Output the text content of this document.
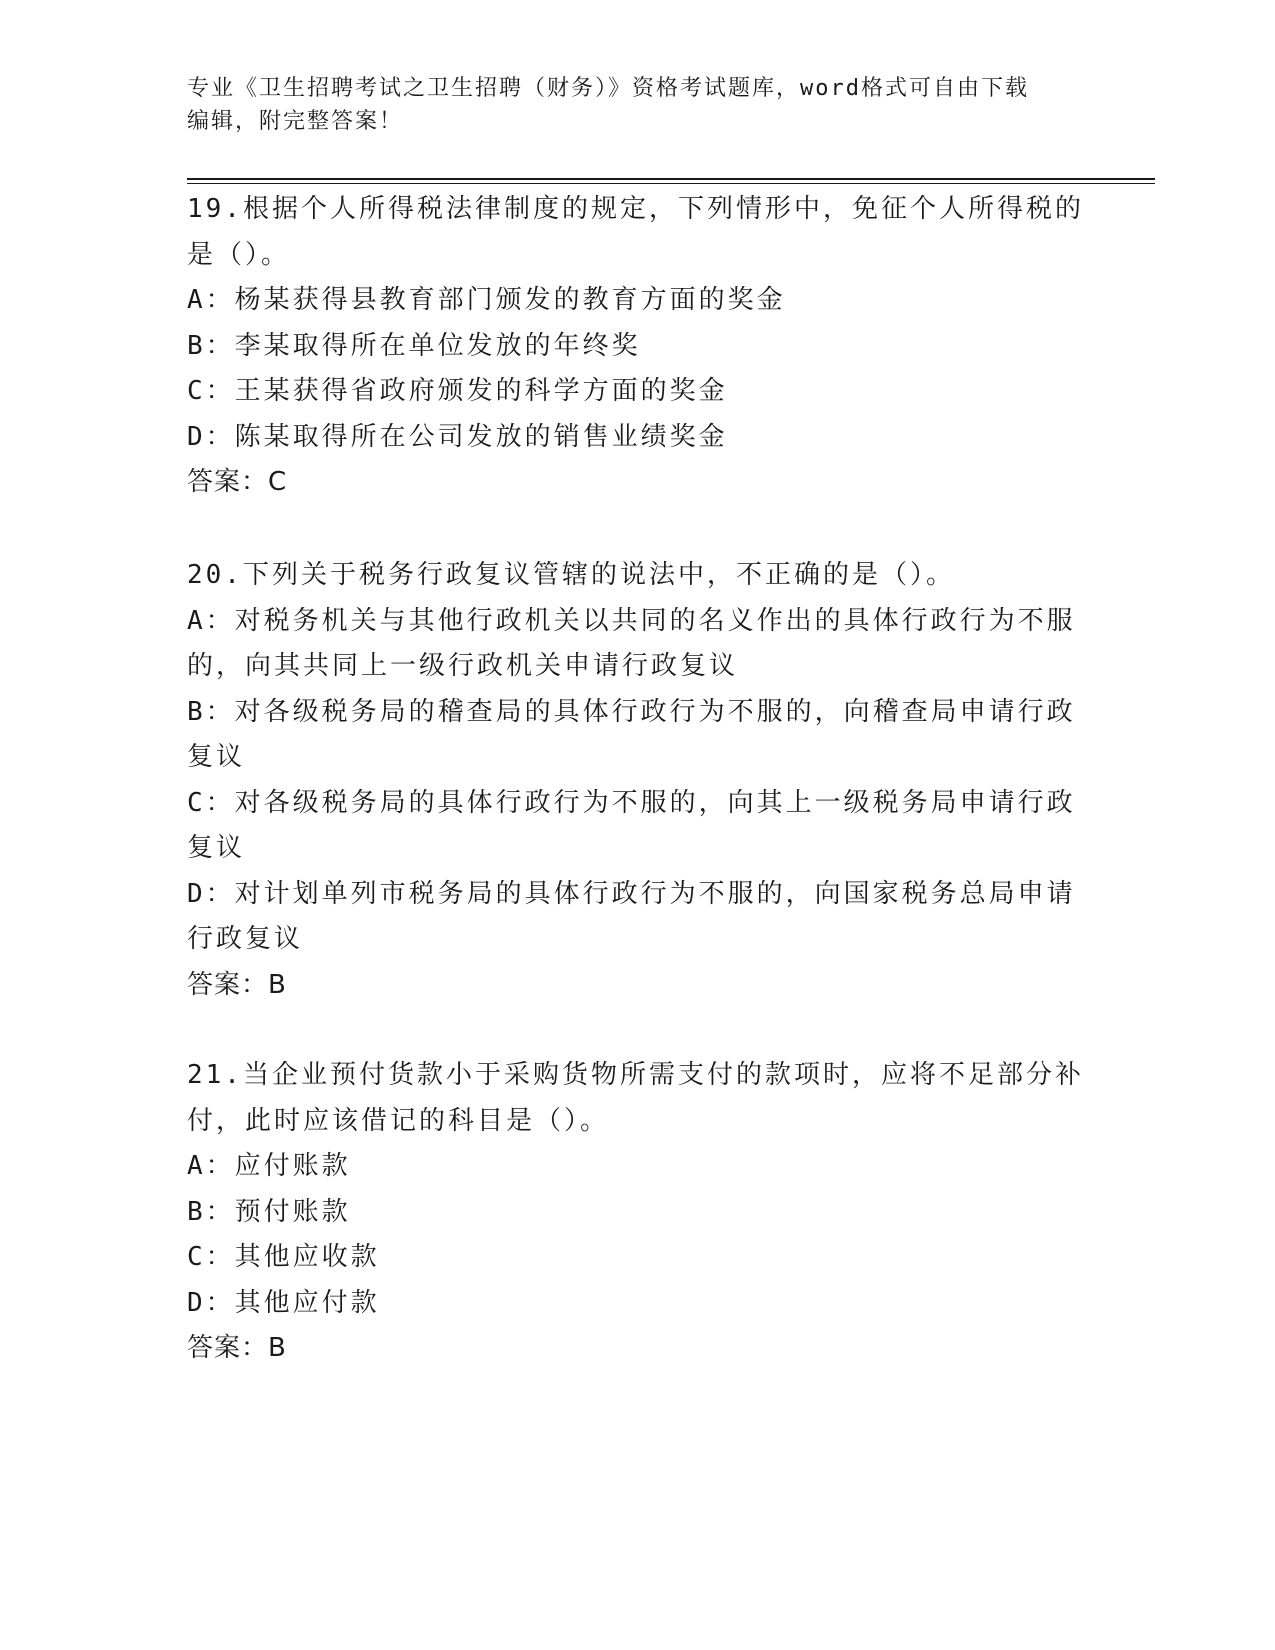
专业《卫生招聘考试之卫生招聘（财务）》资格考试题库，word格式可自由下载
编辑，附完整答案！
19.根据个人所得税法律制度的规定，下列情形中，免征个人所得税的
是（）。
A：杨某获得县教育部门颁发的教育方面的奖金
B：李某取得所在单位发放的年终奖
C：王某获得省政府颁发的科学方面的奖金
D：陈某取得所在公司发放的销售业绩奖金
答案：C
20.下列关于税务行政复议管辖的说法中，不正确的是（）。
A：对税务机关与其他行政机关以共同的名义作出的具体行政行为不服
的，向其共同上一级行政机关申请行政复议
B：对各级税务局的稽查局的具体行政行为不服的，向稽查局申请行政
复议
C：对各级税务局的具体行政行为不服的，向其上一级税务局申请行政
复议
D：对计划单列市税务局的具体行政行为不服的，向国家税务总局申请
行政复议
答案：B
21.当企业预付货款小于采购货物所需支付的款项时，应将不足部分补
付，此时应该借记的科目是（）。
A：应付账款
B：预付账款
C：其他应收款
D：其他应付款
答案：B
